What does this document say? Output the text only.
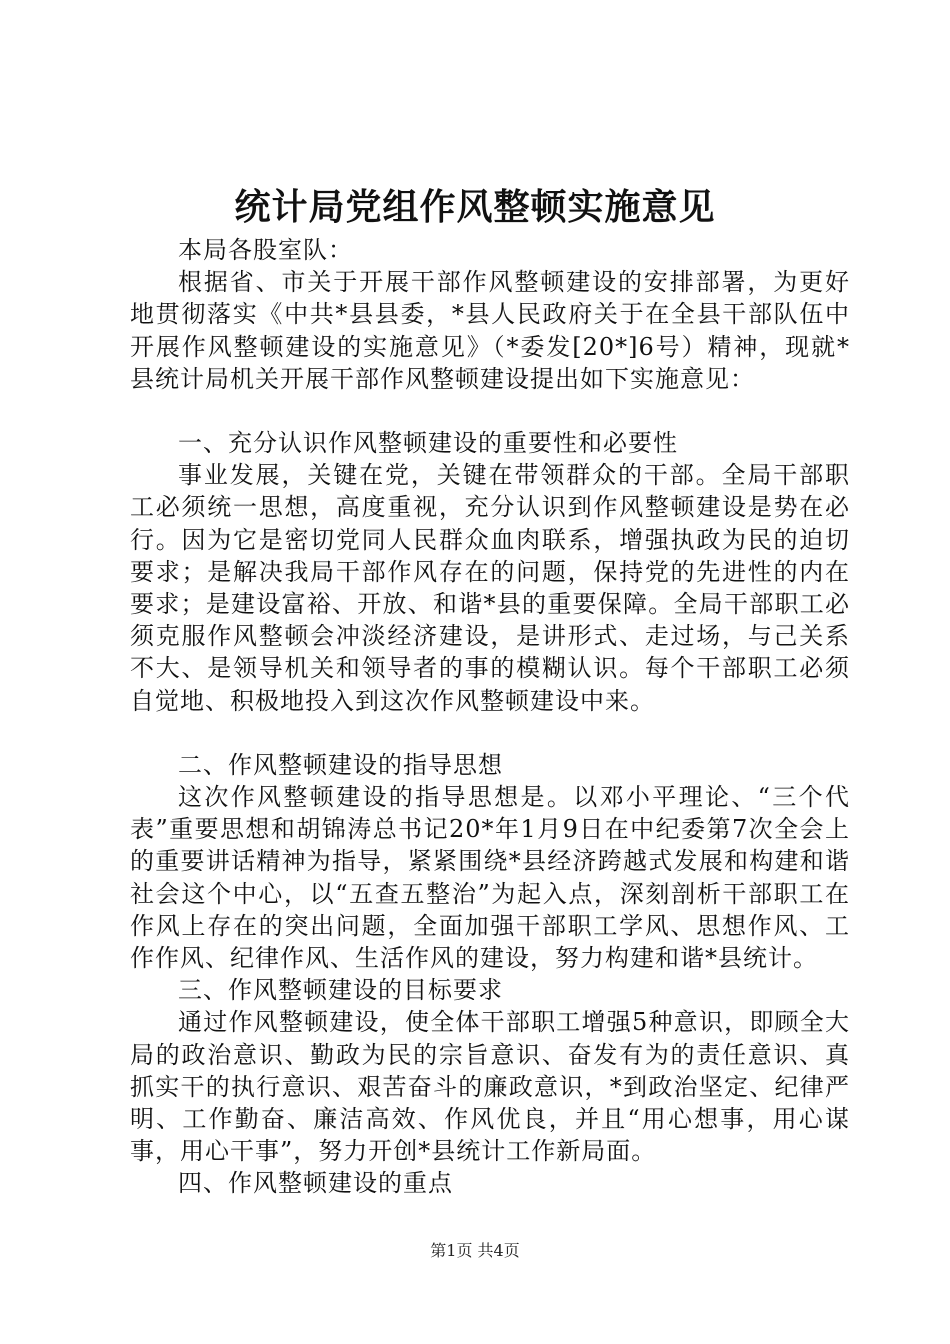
统计局党组作风整顿实施意见

本局各股室队：

根据省、市关于开展干部作风整顿建设的安排部署，为更好地贯彻落实《中共*县县委，*县人民政府关于在全县干部队伍中开展作风整顿建设的实施意见》（*委发[20*]6号）精神，现就*县统计局机关开展干部作风整顿建设提出如下实施意见：

一、充分认识作风整顿建设的重要性和必要性

事业发展，关键在党，关键在带领群众的干部。全局干部职工必须统一思想，高度重视，充分认识到作风整顿建设是势在必行。因为它是密切党同人民群众血肉联系，增强执政为民的迫切要求；是解决我局干部作风存在的问题，保持党的先进性的内在要求；是建设富裕、开放、和谐*县的重要保障。全局干部职工必须克服作风整顿会冲淡经济建设，是讲形式、走过场，与己关系不大、是领导机关和领导者的事的模糊认识。每个干部职工必须自觉地、积极地投入到这次作风整顿建设中来。

二、作风整顿建设的指导思想

这次作风整顿建设的指导思想是。以邓小平理论、“三个代表”重要思想和胡锦涛总书记20*年1月9日在中纪委第7次全会上的重要讲话精神为指导，紧紧围绕*县经济跨越式发展和构建和谐社会这个中心，以“五查五整治”为起入点，深刻剖析干部职工在作风上存在的突出问题，全面加强干部职工学风、思想作风、工作作风、纪律作风、生活作风的建设，努力构建和谐*县统计。

三、作风整顿建设的目标要求

通过作风整顿建设，使全体干部职工增强5种意识，即顾全大局的政治意识、勤政为民的宗旨意识、奋发有为的责任意识、真抓实干的执行意识、艰苦奋斗的廉政意识，*到政治坚定、纪律严明、工作勤奋、廉洁高效、作风优良，并且“用心想事，用心谋事，用心干事”，努力开创*县统计工作新局面。

四、作风整顿建设的重点

第1页 共4页
